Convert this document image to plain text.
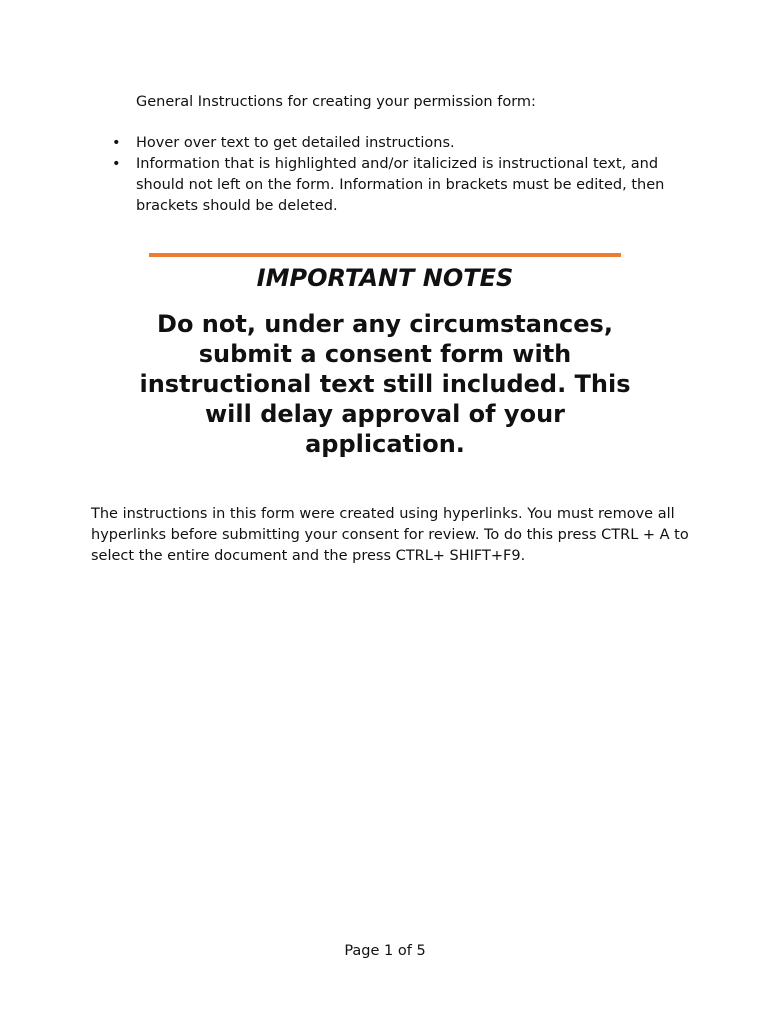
General Instructions for creating your permission form:

• Hover over text to get detailed instructions.
• Information that is highlighted and/or italicized is instructional text, and should not left on the form. Information in brackets must be edited, then brackets should be deleted.
IMPORTANT NOTES

Do not, under any circumstances, submit a consent form with instructional text still included. This will delay approval of your application.

The instructions in this form were created using hyperlinks. You must remove all hyperlinks before submitting your consent for review. To do this press CTRL + A to select the entire document and the press CTRL+ SHIFT+F9.

Page 1 of 5
